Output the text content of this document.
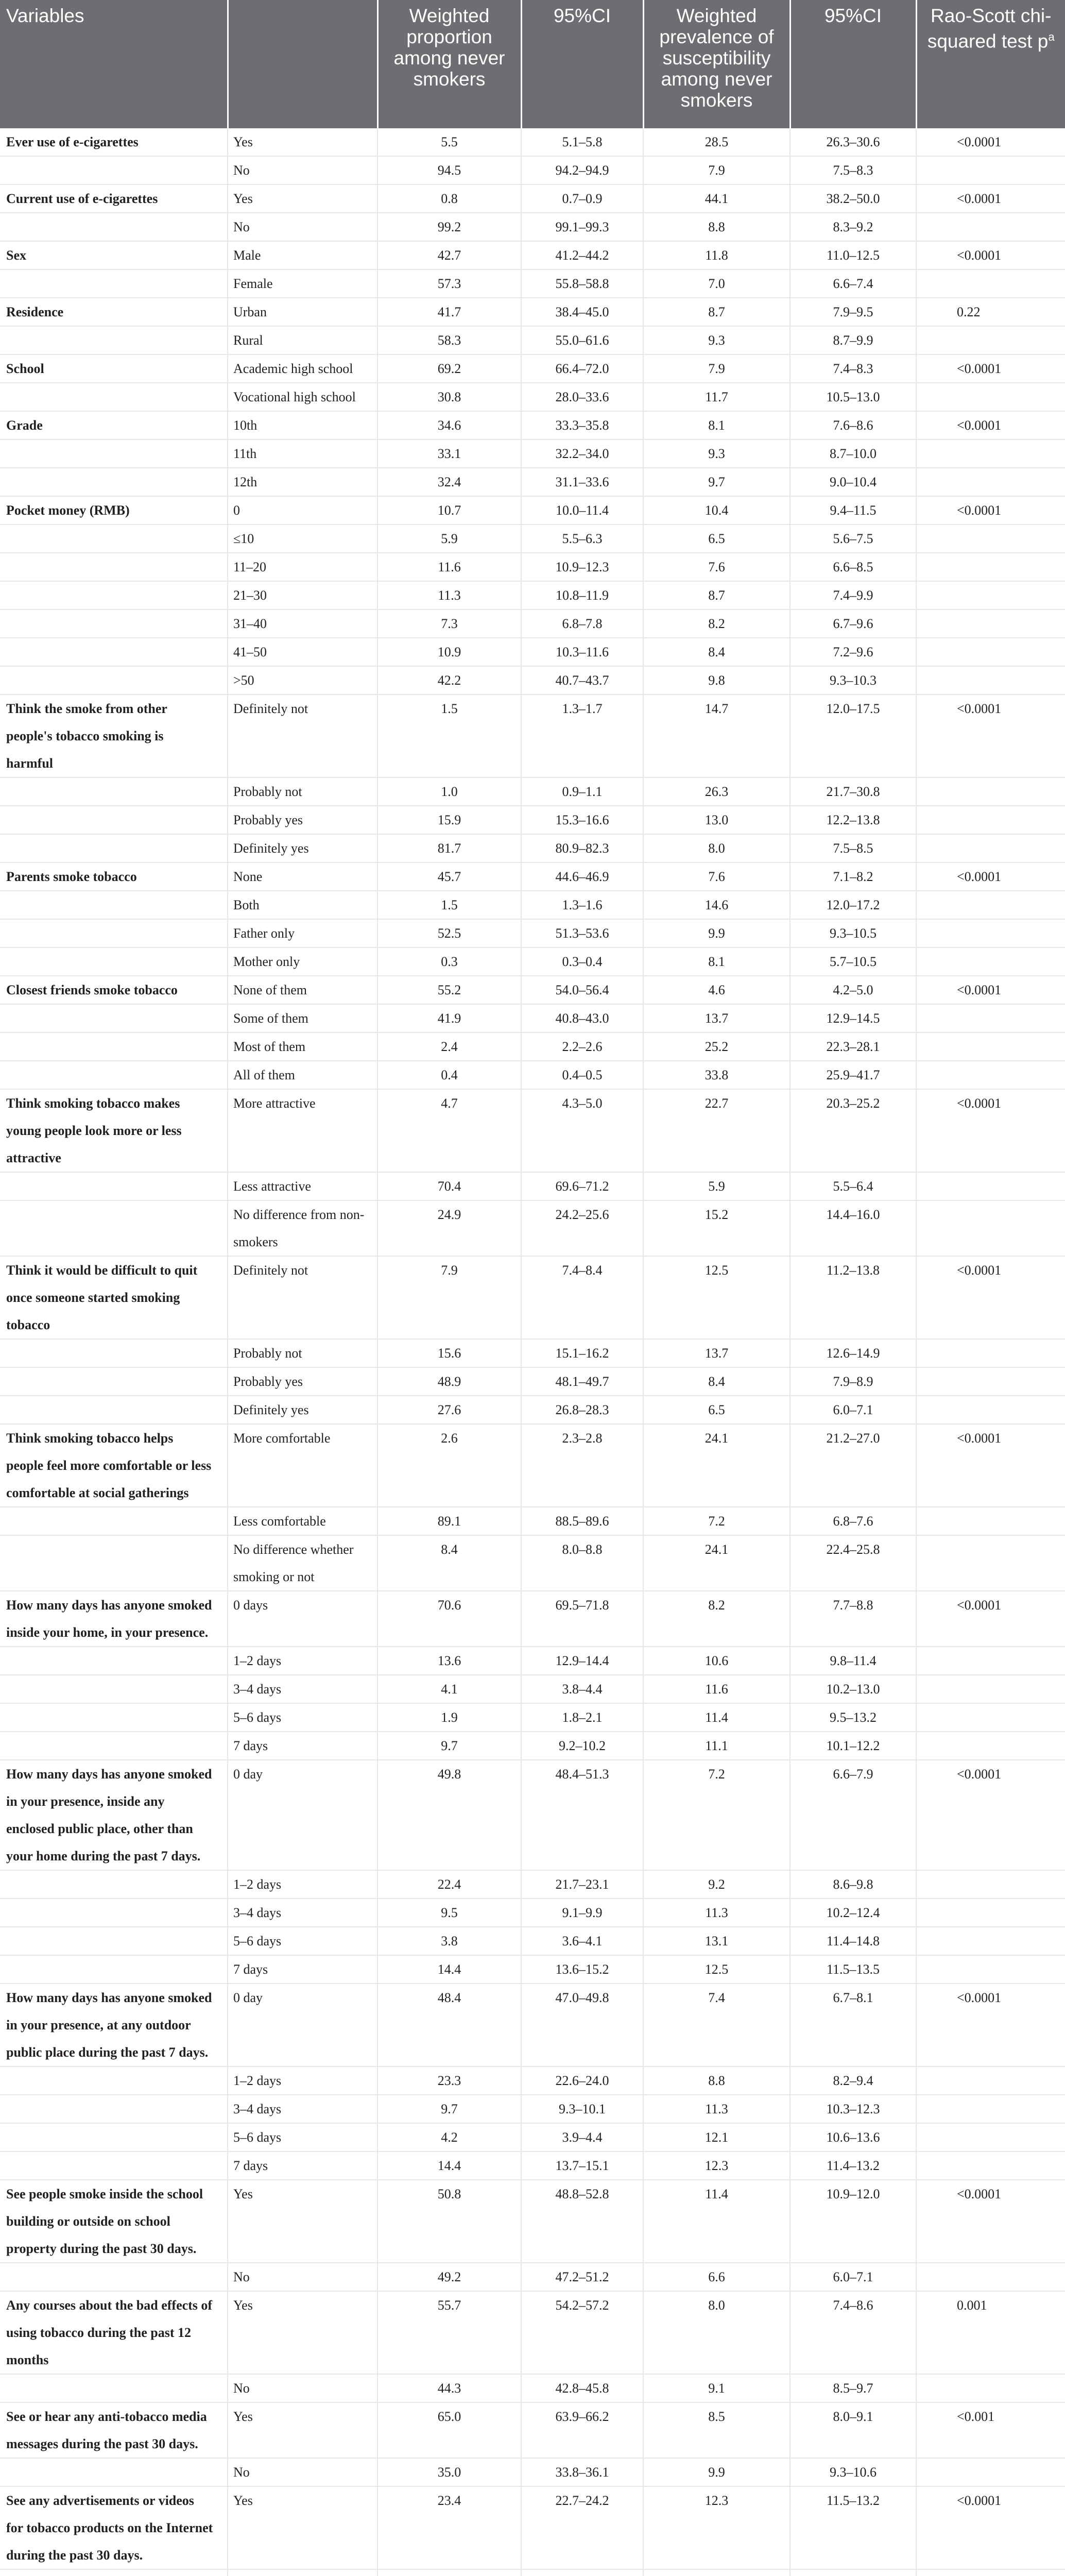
Variables		Weighted proportion among never smokers	95%CI	Weighted prevalence of susceptibility among never smokers	95%CI	Rao-Scott chi-squared test $p^a$
Ever use of e-cigarettes	Yes	5.5	5.1–5.8	28.5	26.3–30.6	<0.0001
	No	94.5	94.2–94.9	7.9	7.5–8.3	
Current use of e-cigarettes	Yes	0.8	0.7–0.9	44.1	38.2–50.0	<0.0001
	No	99.2	99.1–99.3	8.8	8.3–9.2	
Sex	Male	42.7	41.2–44.2	11.8	11.0–12.5	<0.0001
	Female	57.3	55.8–58.8	7.0	6.6–7.4	
Residence	Urban	41.7	38.4–45.0	8.7	7.9–9.5	0.22
	Rural	58.3	55.0–61.6	9.3	8.7–9.9	
School	Academic high school	69.2	66.4–72.0	7.9	7.4–8.3	<0.0001
	Vocational high school	30.8	28.0–33.6	11.7	10.5–13.0	
Grade	10th	34.6	33.3–35.8	8.1	7.6–8.6	<0.0001
	11th	33.1	32.2–34.0	9.3	8.7–10.0	
	12th	32.4	31.1–33.6	9.7	9.0–10.4	
Pocket money (RMB)	0	10.7	10.0–11.4	10.4	9.4–11.5	<0.0001
	≤10	5.9	5.5–6.3	6.5	5.6–7.5	
	11–20	11.6	10.9–12.3	7.6	6.6–8.5	
	21–30	11.3	10.8–11.9	8.7	7.4–9.9	
	31–40	7.3	6.8–7.8	8.2	6.7–9.6	
	41–50	10.9	10.3–11.6	8.4	7.2–9.6	
	>50	42.2	40.7–43.7	9.8	9.3–10.3	
Think the smoke from other people's tobacco smoking is harmful	Definitely not	1.5	1.3–1.7	14.7	12.0–17.5	<0.0001
	Probably not	1.0	0.9–1.1	26.3	21.7–30.8	
	Probably yes	15.9	15.3–16.6	13.0	12.2–13.8	
	Definitely yes	81.7	80.9–82.3	8.0	7.5–8.5	
Parents smoke tobacco	None	45.7	44.6–46.9	7.6	7.1–8.2	<0.0001
	Both	1.5	1.3–1.6	14.6	12.0–17.2	
	Father only	52.5	51.3–53.6	9.9	9.3–10.5	
	Mother only	0.3	0.3–0.4	8.1	5.7–10.5	
Closest friends smoke tobacco	None of them	55.2	54.0–56.4	4.6	4.2–5.0	<0.0001
	Some of them	41.9	40.8–43.0	13.7	12.9–14.5	
	Most of them	2.4	2.2–2.6	25.2	22.3–28.1	
	All of them	0.4	0.4–0.5	33.8	25.9–41.7	
Think smoking tobacco makes young people look more or less attractive	More attractive	4.7	4.3–5.0	22.7	20.3–25.2	<0.0001
	Less attractive	70.4	69.6–71.2	5.9	5.5–6.4	
	No difference from non-smokers	24.9	24.2–25.6	15.2	14.4–16.0	
Think it would be difficult to quit once someone started smoking tobacco	Definitely not	7.9	7.4–8.4	12.5	11.2–13.8	<0.0001
	Probably not	15.6	15.1–16.2	13.7	12.6–14.9	
	Probably yes	48.9	48.1–49.7	8.4	7.9–8.9	
	Definitely yes	27.6	26.8–28.3	6.5	6.0–7.1	
Think smoking tobacco helps people feel more comfortable or less comfortable at social gatherings	More comfortable	2.6	2.3–2.8	24.1	21.2–27.0	<0.0001
	Less comfortable	89.1	88.5–89.6	7.2	6.8–7.6	
	No difference whether smoking or not	8.4	8.0–8.8	24.1	22.4–25.8	
How many days has anyone smoked inside your home, in your presence.	0 days	70.6	69.5–71.8	8.2	7.7–8.8	<0.0001
	1–2 days	13.6	12.9–14.4	10.6	9.8–11.4	
	3–4 days	4.1	3.8–4.4	11.6	10.2–13.0	
	5–6 days	1.9	1.8–2.1	11.4	9.5–13.2	
	7 days	9.7	9.2–10.2	11.1	10.1–12.2	
How many days has anyone smoked in your presence, inside any enclosed public place, other than your home during the past 7 days.	0 day	49.8	48.4–51.3	7.2	6.6–7.9	<0.0001
	1–2 days	22.4	21.7–23.1	9.2	8.6–9.8	
	3–4 days	9.5	9.1–9.9	11.3	10.2–12.4	
	5–6 days	3.8	3.6–4.1	13.1	11.4–14.8	
	7 days	14.4	13.6–15.2	12.5	11.5–13.5	
How many days has anyone smoked in your presence, at any outdoor public place during the past 7 days.	0 day	48.4	47.0–49.8	7.4	6.7–8.1	<0.0001
	1–2 days	23.3	22.6–24.0	8.8	8.2–9.4	
	3–4 days	9.7	9.3–10.1	11.3	10.3–12.3	
	5–6 days	4.2	3.9–4.4	12.1	10.6–13.6	
	7 days	14.4	13.7–15.1	12.3	11.4–13.2	
See people smoke inside the school building or outside on school property during the past 30 days.	Yes	50.8	48.8–52.8	11.4	10.9–12.0	<0.0001
	No	49.2	47.2–51.2	6.6	6.0–7.1	
Any courses about the bad effects of using tobacco during the past 12 months	Yes	55.7	54.2–57.2	8.0	7.4–8.6	0.001
	No	44.3	42.8–45.8	9.1	8.5–9.7	
See or hear any anti-tobacco media messages during the past 30 days.	Yes	65.0	63.9–66.2	8.5	8.0–9.1	<0.001
	No	35.0	33.8–36.1	9.9	9.3–10.6	
See any advertisements or videos for tobacco products on the Internet during the past 30 days.	Yes	23.4	22.7–24.2	12.3	11.5–13.2	<0.0001
